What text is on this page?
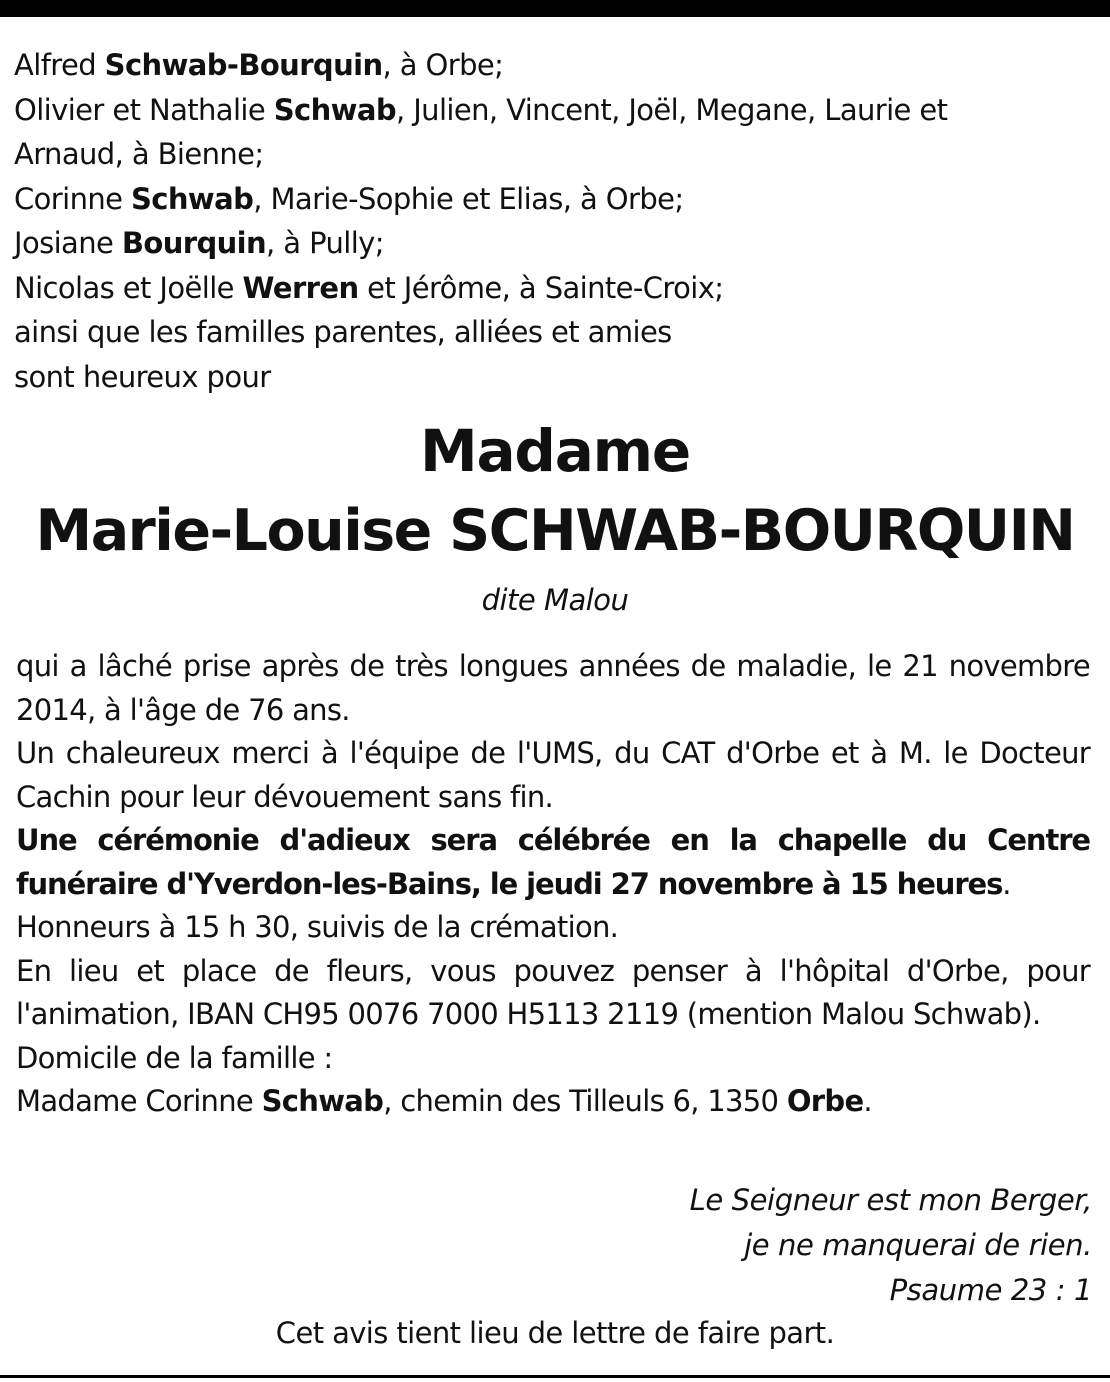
Alfred Schwab-Bourquin, à Orbe;
Olivier et Nathalie Schwab, Julien, Vincent, Joël, Megane, Laurie et
Arnaud, à Bienne;
Corinne Schwab, Marie-Sophie et Elias, à Orbe;
Josiane Bourquin, à Pully;
Nicolas et Joëlle Werren et Jérôme, à Sainte-Croix;
ainsi que les familles parentes, alliées et amies
sont heureux pour
Madame
Marie-Louise SCHWAB-BOURQUIN
dite Malou

qui a lâché prise après de très longues années de maladie, le 21 novembre 2014, à l'âge de 76 ans.

Un chaleureux merci à l'équipe de l'UMS, du CAT d'Orbe et à M. le Docteur Cachin pour leur dévouement sans fin.

Une cérémonie d'adieux sera célébrée en la chapelle du Centre funéraire d'Yverdon-les-Bains, le jeudi 27 novembre à 15 heures.

Honneurs à 15 h 30, suivis de la crémation.

En lieu et place de fleurs, vous pouvez penser à l'hôpital d'Orbe, pour l'animation, IBAN CH95 0076 7000 H5113 2119 (mention Malou Schwab).

Domicile de la famille :

Madame Corinne Schwab, chemin des Tilleuls 6, 1350 Orbe.

Le Seigneur est mon Berger,
je ne manquerai de rien.
Psaume 23 : 1
Cet avis tient lieu de lettre de faire part.
